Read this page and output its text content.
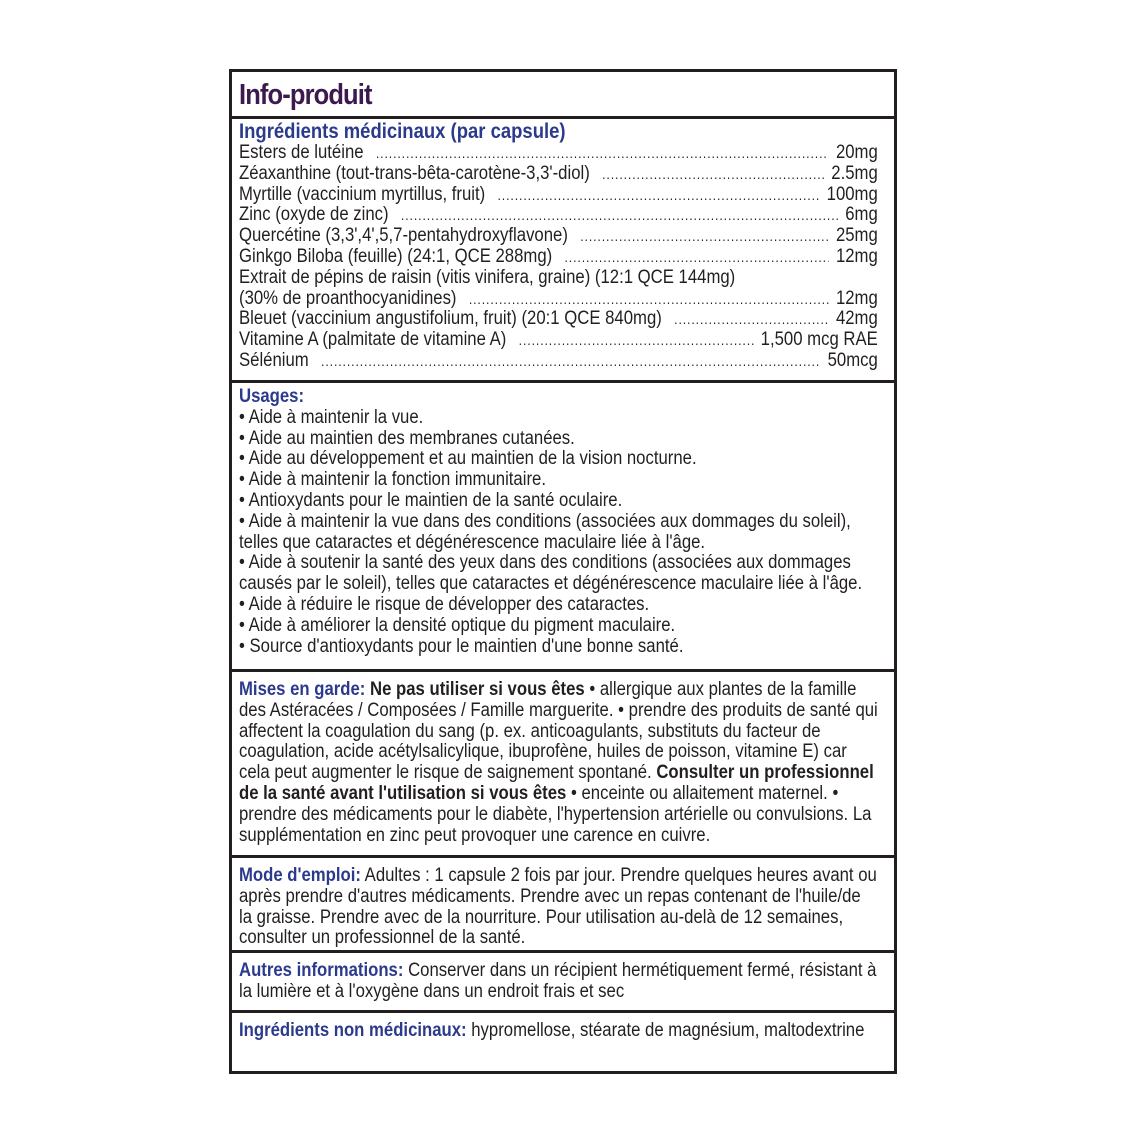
Info-produit
Ingrédients médicinaux (par capsule)
Esters de lutéine .....	20mg
Zéaxanthine (tout-trans-bêta-carotène-3,3'-diol) .....	2.5mg
Myrtille (vaccinium myrtillus, fruit) .....	100mg
Zinc (oxyde de zinc) .....	6mg
Quercétine (3,3',4',5,7-pentahydroxyflavone) .....	25mg
Ginkgo Biloba (feuille) (24:1, QCE 288mg) .....	12mg
Extrait de pépins de raisin (vitis vinifera, graine) (12:1 QCE 144mg)
(30% de proanthocyanidines) .....	12mg
Bleuet (vaccinium angustifolium, fruit) (20:1 QCE 840mg) .....	42mg
Vitamine A (palmitate de vitamine A) .....	1,500 mcg RAE
Sélénium .....	50mcg
Usages:
• Aide à maintenir la vue.
• Aide au maintien des membranes cutanées.
• Aide au développement et au maintien de la vision nocturne.
• Aide à maintenir la fonction immunitaire.
• Antioxydants pour le maintien de la santé oculaire.
• Aide à maintenir la vue dans des conditions (associées aux dommages du soleil), telles que cataractes et dégénérescence maculaire liée à l'âge.
• Aide à soutenir la santé des yeux dans des conditions (associées aux dommages causés par le soleil), telles que cataractes et dégénérescence maculaire liée à l'âge.
• Aide à réduire le risque de développer des cataractes.
• Aide à améliorer la densité optique du pigment maculaire.
• Source d'antioxydants pour le maintien d'une bonne santé.
Mises en garde: Ne pas utiliser si vous êtes • allergique aux plantes de la famille des Astéracées / Composées / Famille marguerite. • prendre des produits de santé qui affectent la coagulation du sang (p. ex. anticoagulants, substituts du facteur de coagulation, acide acétylsalicylique, ibuprofène, huiles de poisson, vitamine E) car cela peut augmenter le risque de saignement spontané. Consulter un professionnel de la santé avant l'utilisation si vous êtes • enceinte ou allaitement maternel. • prendre des médicaments pour le diabète, l'hypertension artérielle ou convulsions. La supplémentation en zinc peut provoquer une carence en cuivre.
Mode d'emploi: Adultes : 1 capsule 2 fois par jour. Prendre quelques heures avant ou après prendre d'autres médicaments. Prendre avec un repas contenant de l'huile/de la graisse. Prendre avec de la nourriture. Pour utilisation au-delà de 12 semaines, consulter un professionnel de la santé.
Autres informations: Conserver dans un récipient hermétiquement fermé, résistant à la lumière et à l'oxygène dans un endroit frais et sec
Ingrédients non médicinaux: hypromellose, stéarate de magnésium, maltodextrine
